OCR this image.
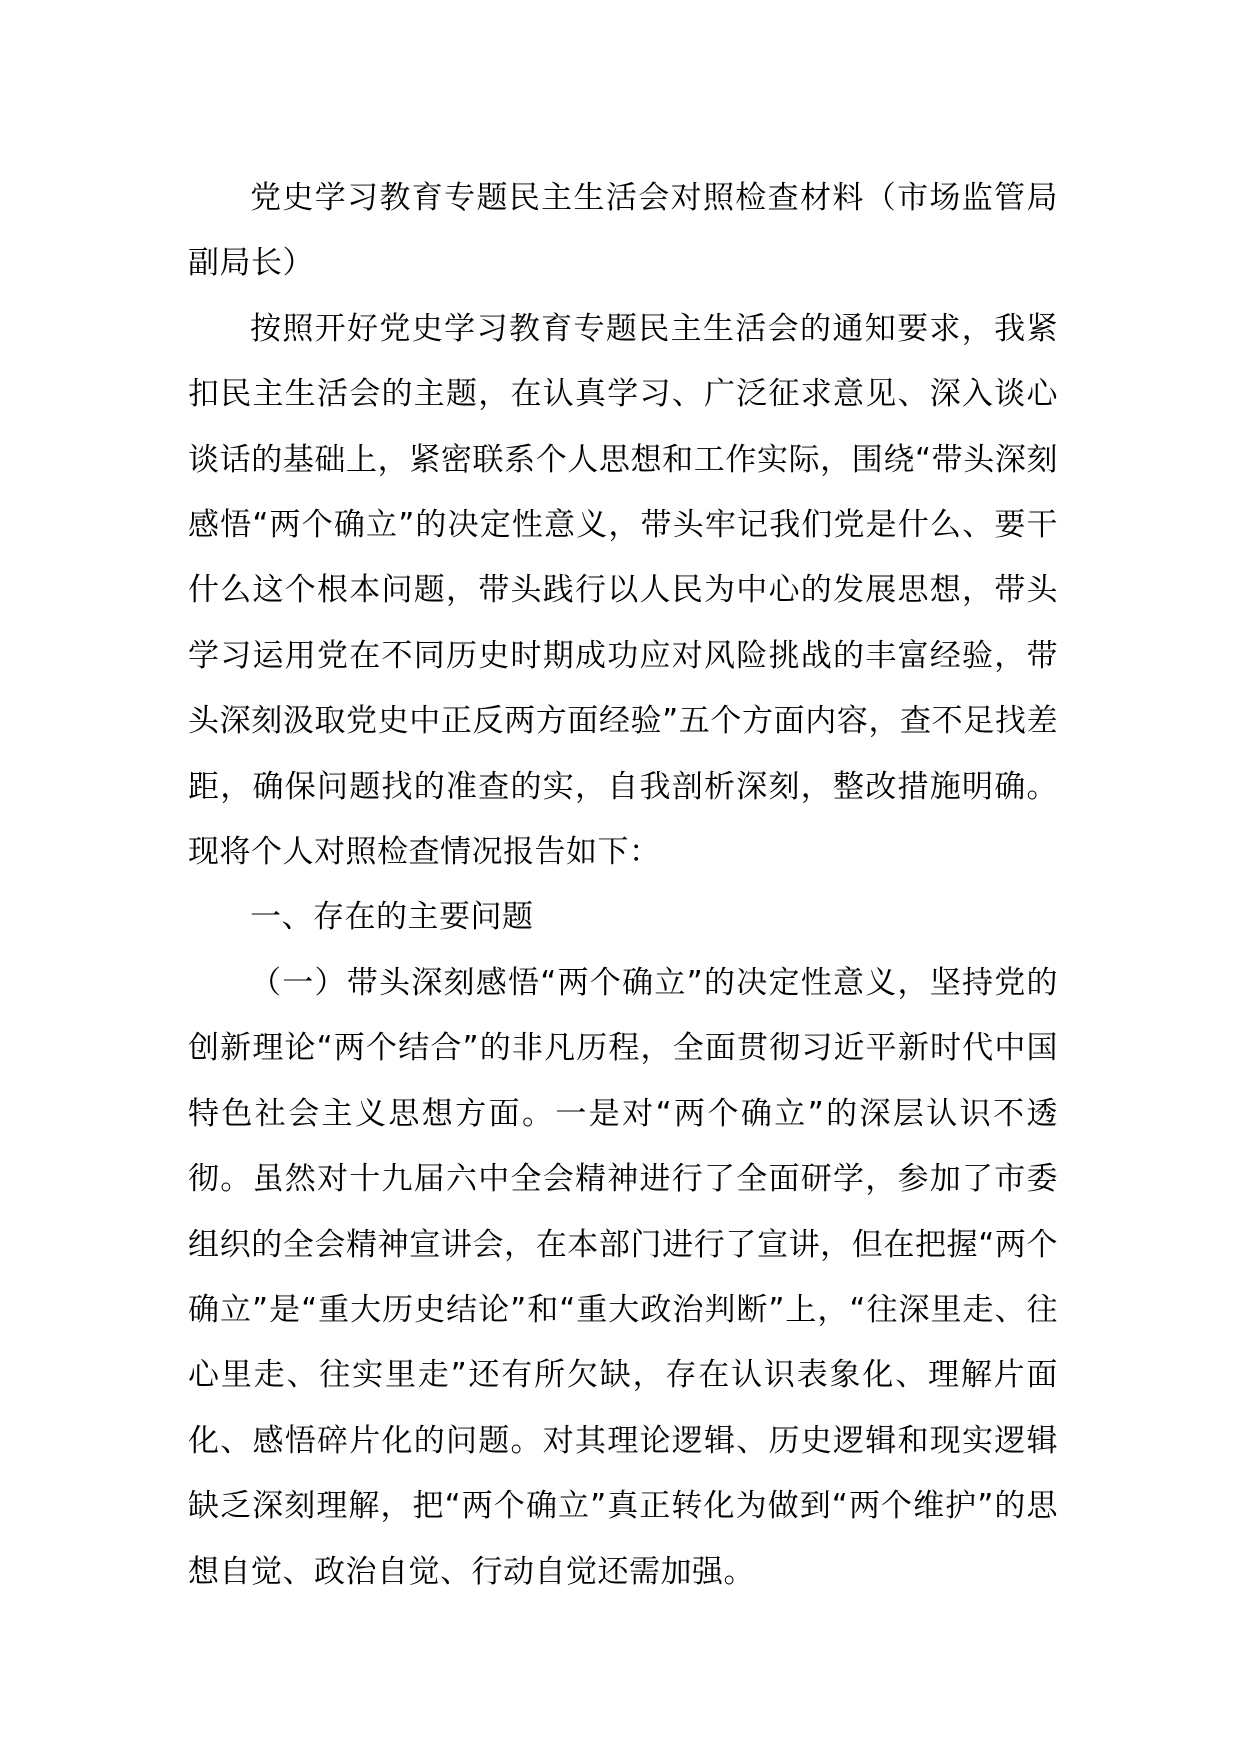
党史学习教育专题民主生活会对照检查材料（市场监管局副局长）

按照开好党史学习教育专题民主生活会的通知要求，我紧扣民主生活会的主题，在认真学习、广泛征求意见、深入谈心谈话的基础上，紧密联系个人思想和工作实际，围绕“带头深刻感悟“两个确立”的决定性意义，带头牢记我们党是什么、要干什么这个根本问题，带头践行以人民为中心的发展思想，带头学习运用党在不同历史时期成功应对风险挑战的丰富经验，带头深刻汲取党史中正反两方面经验”五个方面内容，查不足找差距，确保问题找的准查的实，自我剖析深刻，整改措施明确。现将个人对照检查情况报告如下：

一、存在的主要问题

（一）带头深刻感悟“两个确立”的决定性意义，坚持党的创新理论“两个结合”的非凡历程，全面贯彻习近平新时代中国特色社会主义思想方面。一是对“两个确立”的深层认识不透彻。虽然对十九届六中全会精神进行了全面研学，参加了市委组织的全会精神宣讲会，在本部门进行了宣讲，但在把握“两个确立”是“重大历史结论”和“重大政治判断”上，“往深里走、往心里走、往实里走”还有所欠缺，存在认识表象化、理解片面化、感悟碎片化的问题。对其理论逻辑、历史逻辑和现实逻辑缺乏深刻理解，把“两个确立”真正转化为做到“两个维护”的思想自觉、政治自觉、行动自觉还需加强。
